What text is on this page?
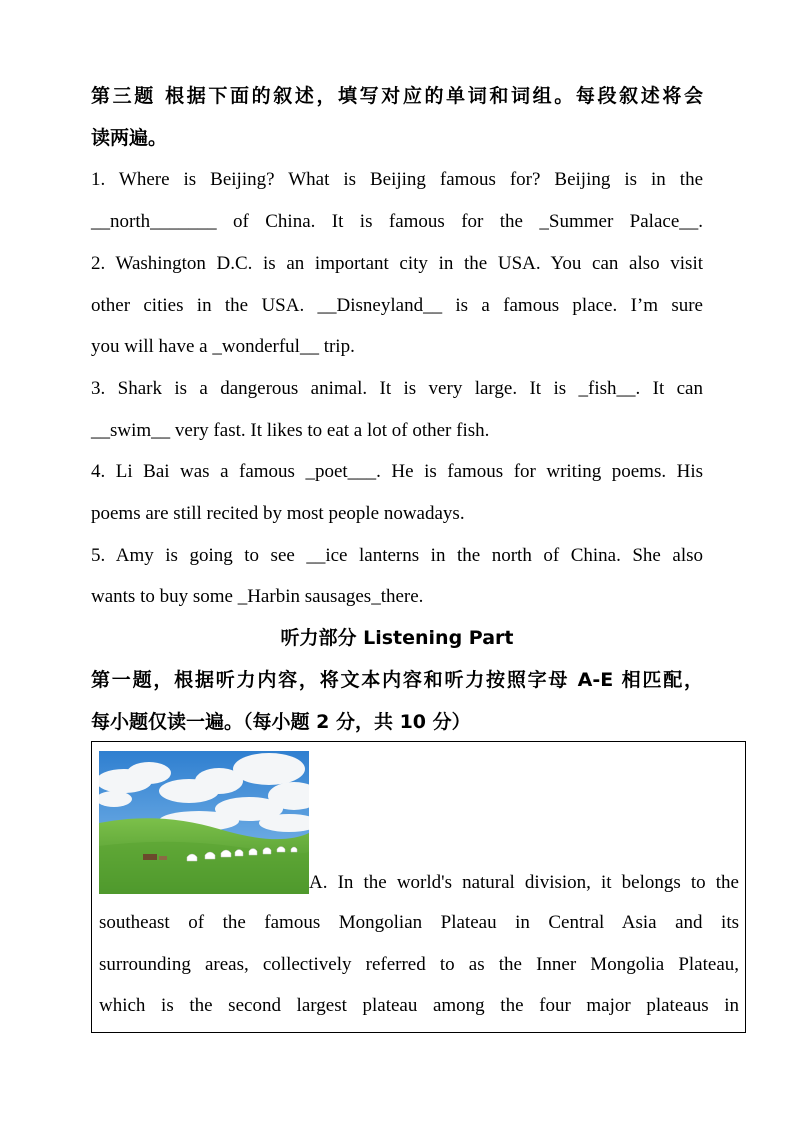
第三题 根据下面的叙述，填写对应的单词和词组。每段叙述将会
读两遍。
1. Where is Beijing? What is Beijing famous for? Beijing is in the
__north_______ of China. It is famous for the _Summer Palace__.
2. Washington D.C. is an important city in the USA. You can also visit
other cities in the USA. __Disneyland__ is a famous place. I’m sure
you will have a _wonderful__ trip.
3. Shark is a dangerous animal. It is very large. It is _fish__. It can
__swim__ very fast. It likes to eat a lot of other fish.
4. Li Bai was a famous _poet___. He is famous for writing poems. His
poems are still recited by most people nowadays.
5. Amy is going to see __ice lanterns in the north of China. She also
wants to buy some _Harbin sausages_there.
听力部分 Listening Part
第一题，根据听力内容，将文本内容和听力按照字母 A-E 相匹配，
每小题仅读一遍。（每小题 2 分，共 10 分）
A. In the world's natural division, it belongs to the
southeast of the famous Mongolian Plateau in Central Asia and its
surrounding areas, collectively referred to as the Inner Mongolia Plateau,
which is the second largest plateau among the four major plateaus in
